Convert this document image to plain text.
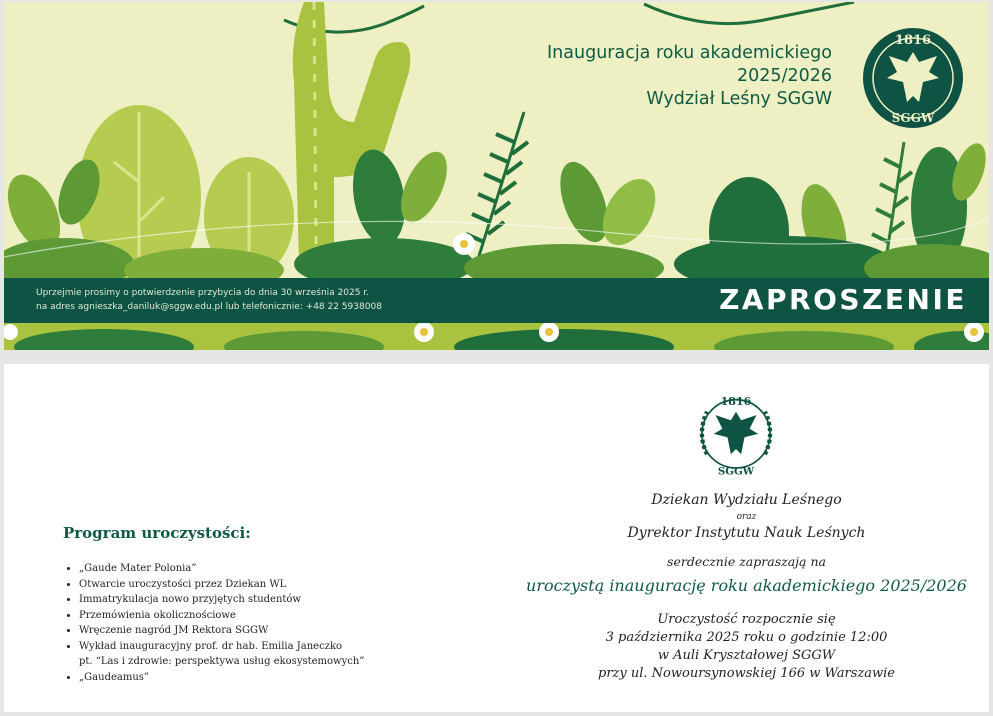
Inauguracja roku akademickiego
2025/2026
Wydział Leśny SGGW
1816
SGGW
Uprzejmie prosimy o potwierdzenie przybycia do dnia 30 września 2025 r.
na adres agnieszka_daniluk@sggw.edu.pl lub telefonicznie: +48 22 5938008	ZAPROSZENIE
1816
SGGW
Program uroczystości:
• „Gaude Mater Polonia”
• Otwarcie uroczystości przez Dziekan WL
• Immatrykulacja nowo przyjętych studentów
• Przemówienia okolicznościowe
• Wręczenie nagród JM Rektora SGGW
• Wykład inauguracyjny prof. dr hab. Emilia Janeczko
pt. “Las i zdrowie: perspektywa usług ekosystemowych”
• „Gaudeamus”
Dziekan Wydziału Leśnego
oraz
Dyrektor Instytutu Nauk Leśnych
serdecznie zapraszają na
uroczystą inaugurację roku akademickiego 2025/2026
Uroczystość rozpocznie się
3 października 2025 roku o godzinie 12:00
w Auli Kryształowej SGGW
przy ul. Nowoursynowskiej 166 w Warszawie
